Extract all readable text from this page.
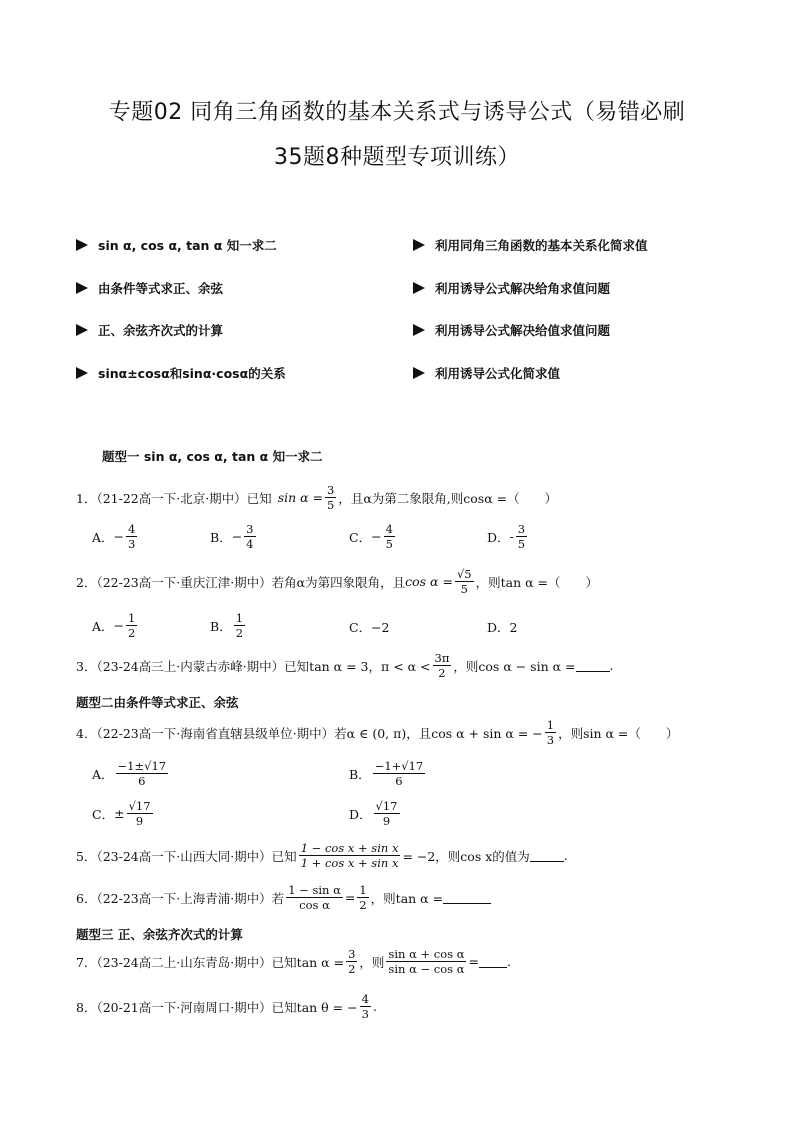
专题02 同角三角函数的基本关系式与诱导公式（易错必刷
35题8种题型专项训练）
sin α, cos α, tan α 知一求二
由条件等式求正、余弦
正、余弦齐次式的计算
sinα±cosα和sinα·cosα的关系
利用同角三角函数的基本关系化简求值
利用诱导公式解决给角求值问题
利用诱导公式解决给值求值问题
利用诱导公式化简求值
题型一 sin α, cos α, tan α 知一求二
1．（21-22高一下·北京·期中）已知 $\sin \alpha = \frac{3}{5}$ ，且α为第二象限角,则cosα =（　　）
A． − $\frac{4}{3}$	B． − $\frac{3}{4}$	C． − $\frac{4}{5}$	D． - $\frac{3}{5}$
2．（22-23高一下·重庆江津·期中）若角α为第四象限角，且 $\cos \alpha = \frac{√5}{5}$ ，则tan α =（　　）
A． − $\frac{1}{2}$	B． $\frac{1}{2}$	C． −2	D． 2
3．（23-24高三上·内蒙古赤峰·期中）已知tan α = 3，$\pi < \alpha < \frac{3\pi}{2}$ ，则cos α − sin α =	.
题型二由条件等式求正、余弦
4．（22-23高一下·海南省直辖县级单位·期中）若α ∈ (0, π)，且cos α + sin α = − $\frac{1}{3}$ ，则sin α =（　　）
A． $\frac{-1\pm√17}{6}$	B． $\frac{-1+√17}{6}$
C． ± $\frac{√17}{9}$	D． $\frac{√17}{9}$
5．（23-24高一下·山西大同·期中）已知 $\frac{\text{1 − cos x + sin x}}{\text{1 + cos x + sin x}} = -2$，则cos x的值为	.
6．（22-23高一下·上海青浦·期中）若 $\frac{\text{1 − sin α}}{\text{cos α}} = \frac{1}{2}$ ，则tan α =
题型三 正、余弦齐次式的计算
7．（23-24高二上·山东青岛·期中）已知$\tan \alpha = \frac{3}{2}$ ，则 $\frac{\text{sin α + cos α}}{\text{sin α − cos α}}$ = .
8．（20-21高一下·河南周口·期中）已知tan θ = − $\frac{4}{3}$ .
